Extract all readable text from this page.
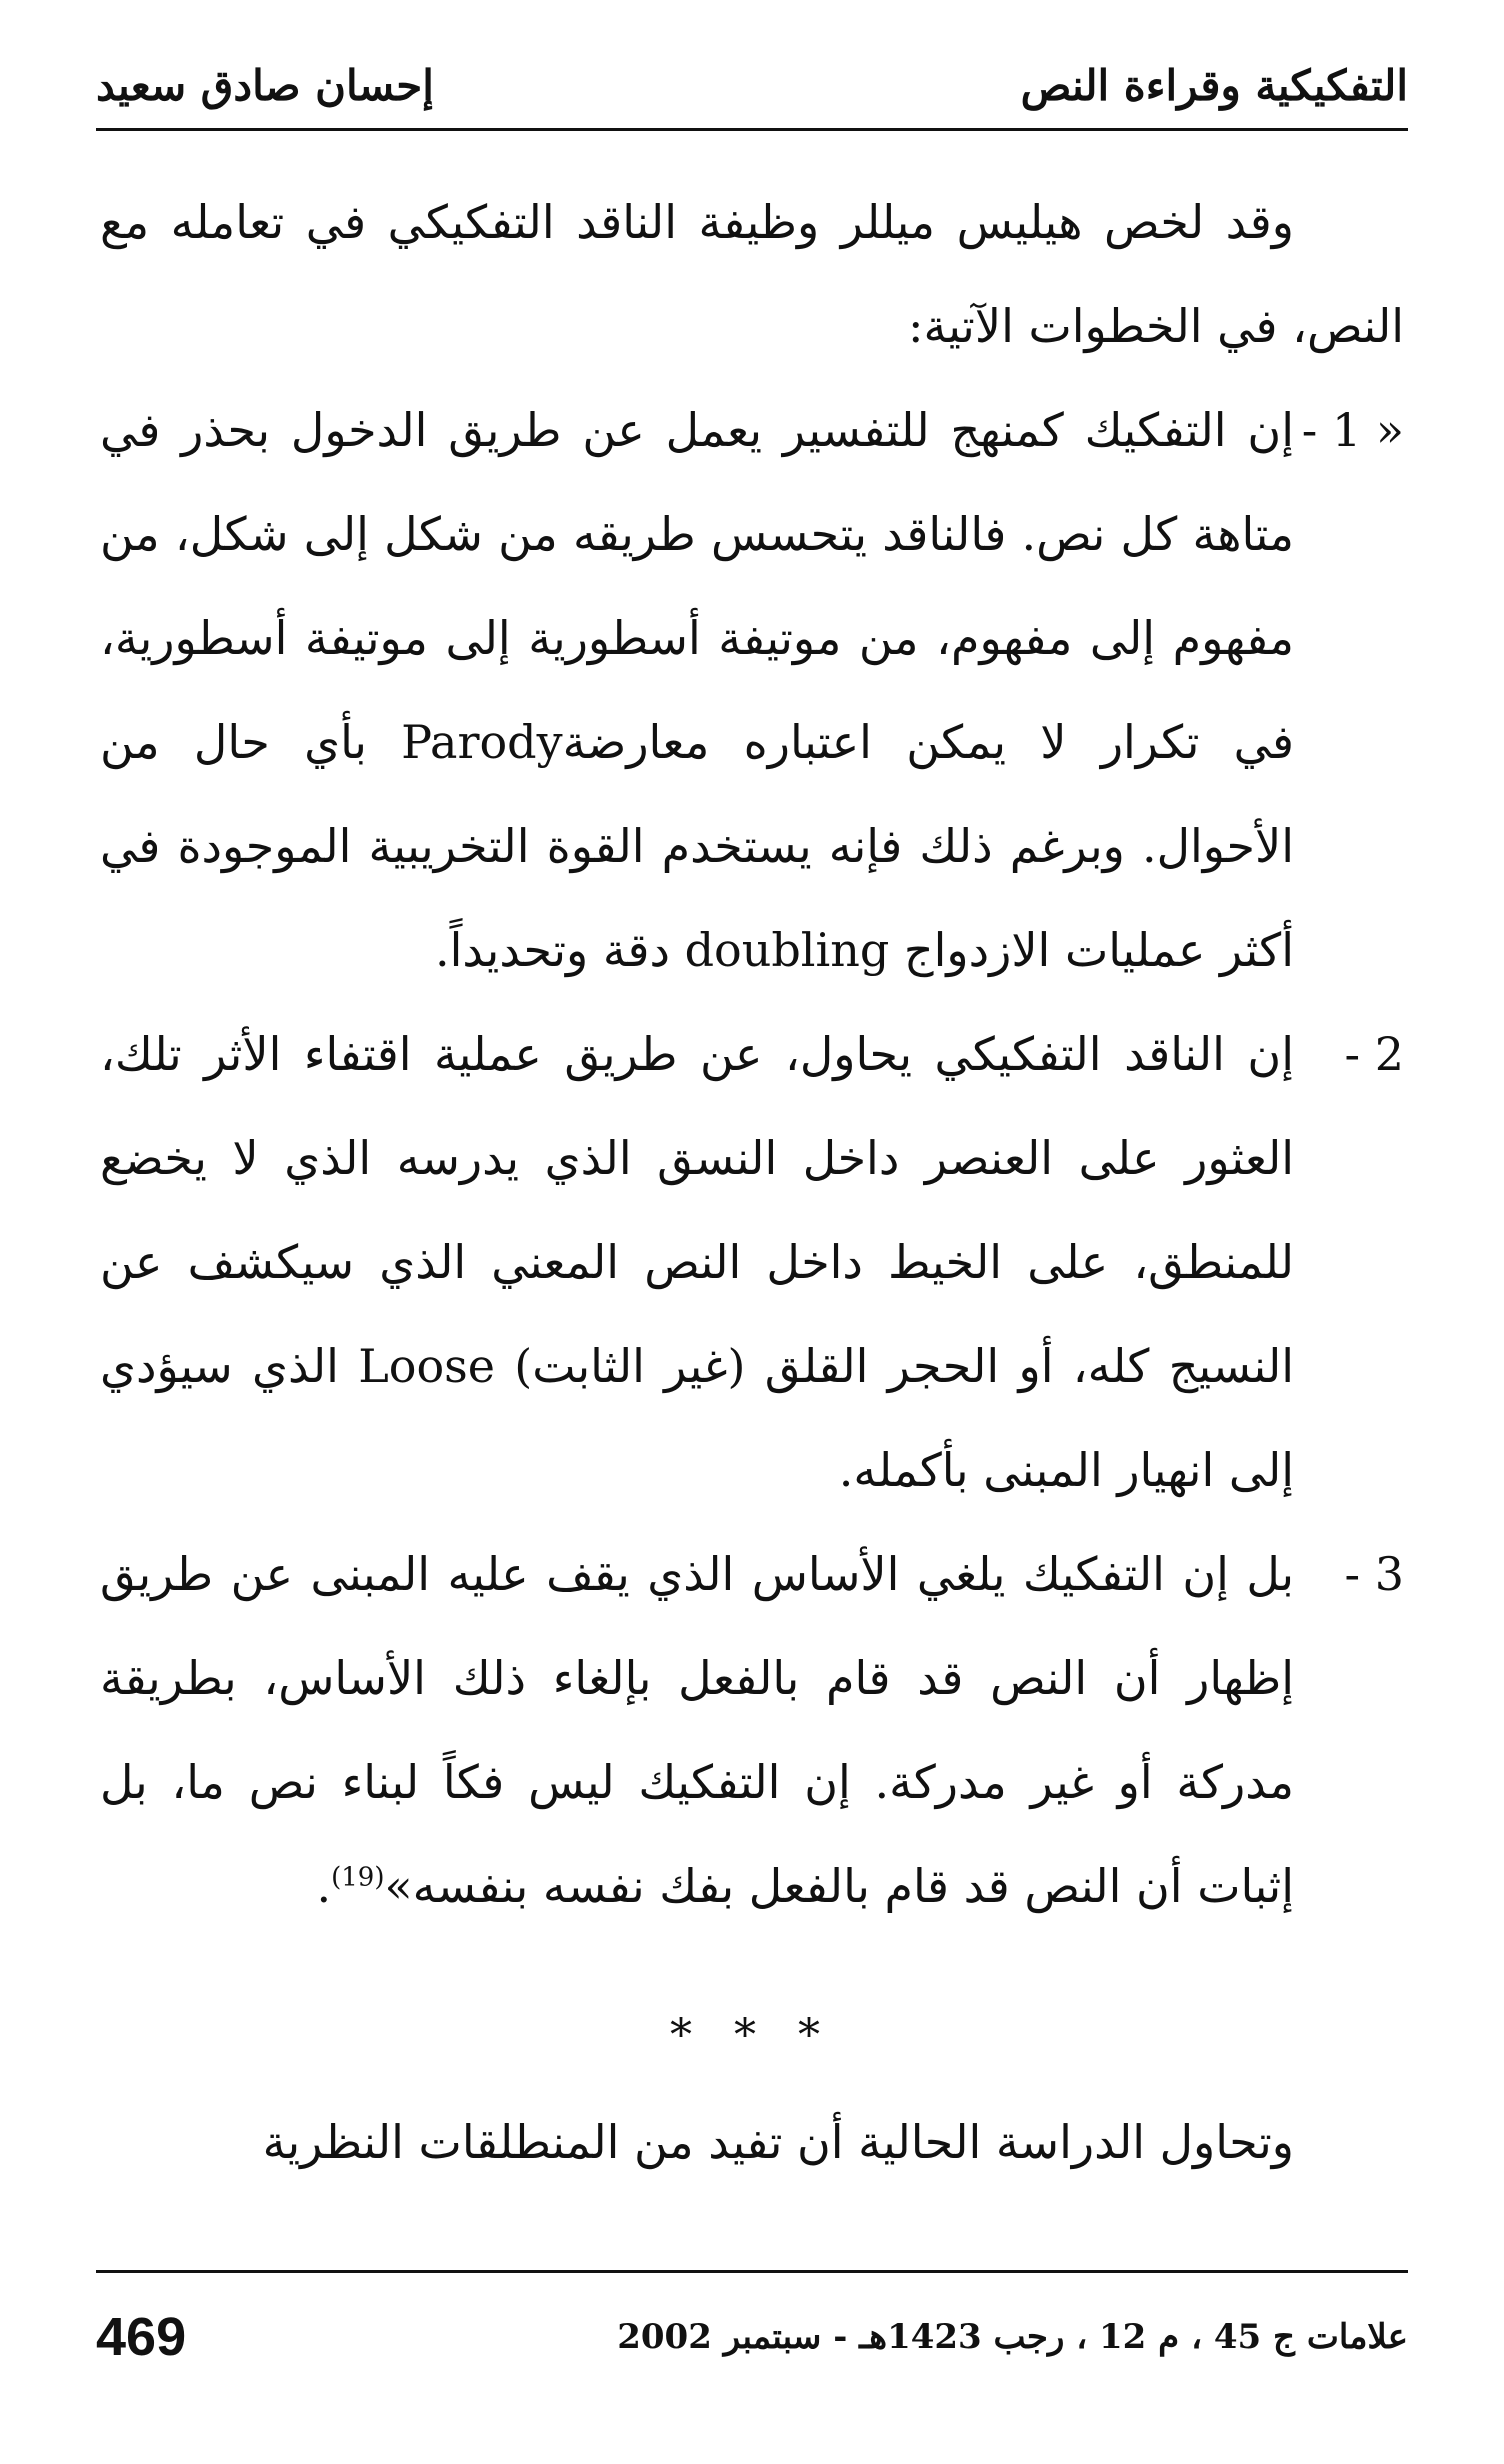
التفكيكية وقراءة النص
إحسان صادق سعيد

وقد لخص هيليس ميللر وظيفة الناقد التفكيكي في تعامله مع النص، في الخطوات الآتية:

« 1 -
إن التفكيك كمنهج للتفسير يعمل عن طريق الدخول بحذر في متاهة كل نص. فالناقد يتحسس طريقه من شكل إلى شكل، من مفهوم إلى مفهوم، من موتيفة أسطورية إلى موتيفة أسطورية، في تكرار لا يمكن اعتباره معارضةParody بأي حال من الأحوال. وبرغم ذلك فإنه يستخدم القوة التخريبية الموجودة في أكثر عمليات الازدواج doubling دقة وتحديداً.
2 -
إن الناقد التفكيكي يحاول، عن طريق عملية اقتفاء الأثر تلك، العثور على العنصر داخل النسق الذي يدرسه الذي لا يخضع للمنطق، على الخيط داخل النص المعني الذي سيكشف عن النسيج كله، أو الحجر القلق (غير الثابت) Loose الذي سيؤدي إلى انهيار المبنى بأكمله.
3 -
بل إن التفكيك يلغي الأساس الذي يقف عليه المبنى عن طريق إظهار أن النص قد قام بالفعل بإلغاء ذلك الأساس، بطريقة مدركة أو غير مدركة. إن التفكيك ليس فكاً لبناء نص ما، بل إثبات أن النص قد قام بالفعل بفك نفسه بنفسه»$^{(19)}$.
* * *

وتحاول الدراسة الحالية أن تفيد من المنطلقات النظرية

469	علامات ج 45 ، م 12 ، رجب 1423هـ - سبتمبر 2002
